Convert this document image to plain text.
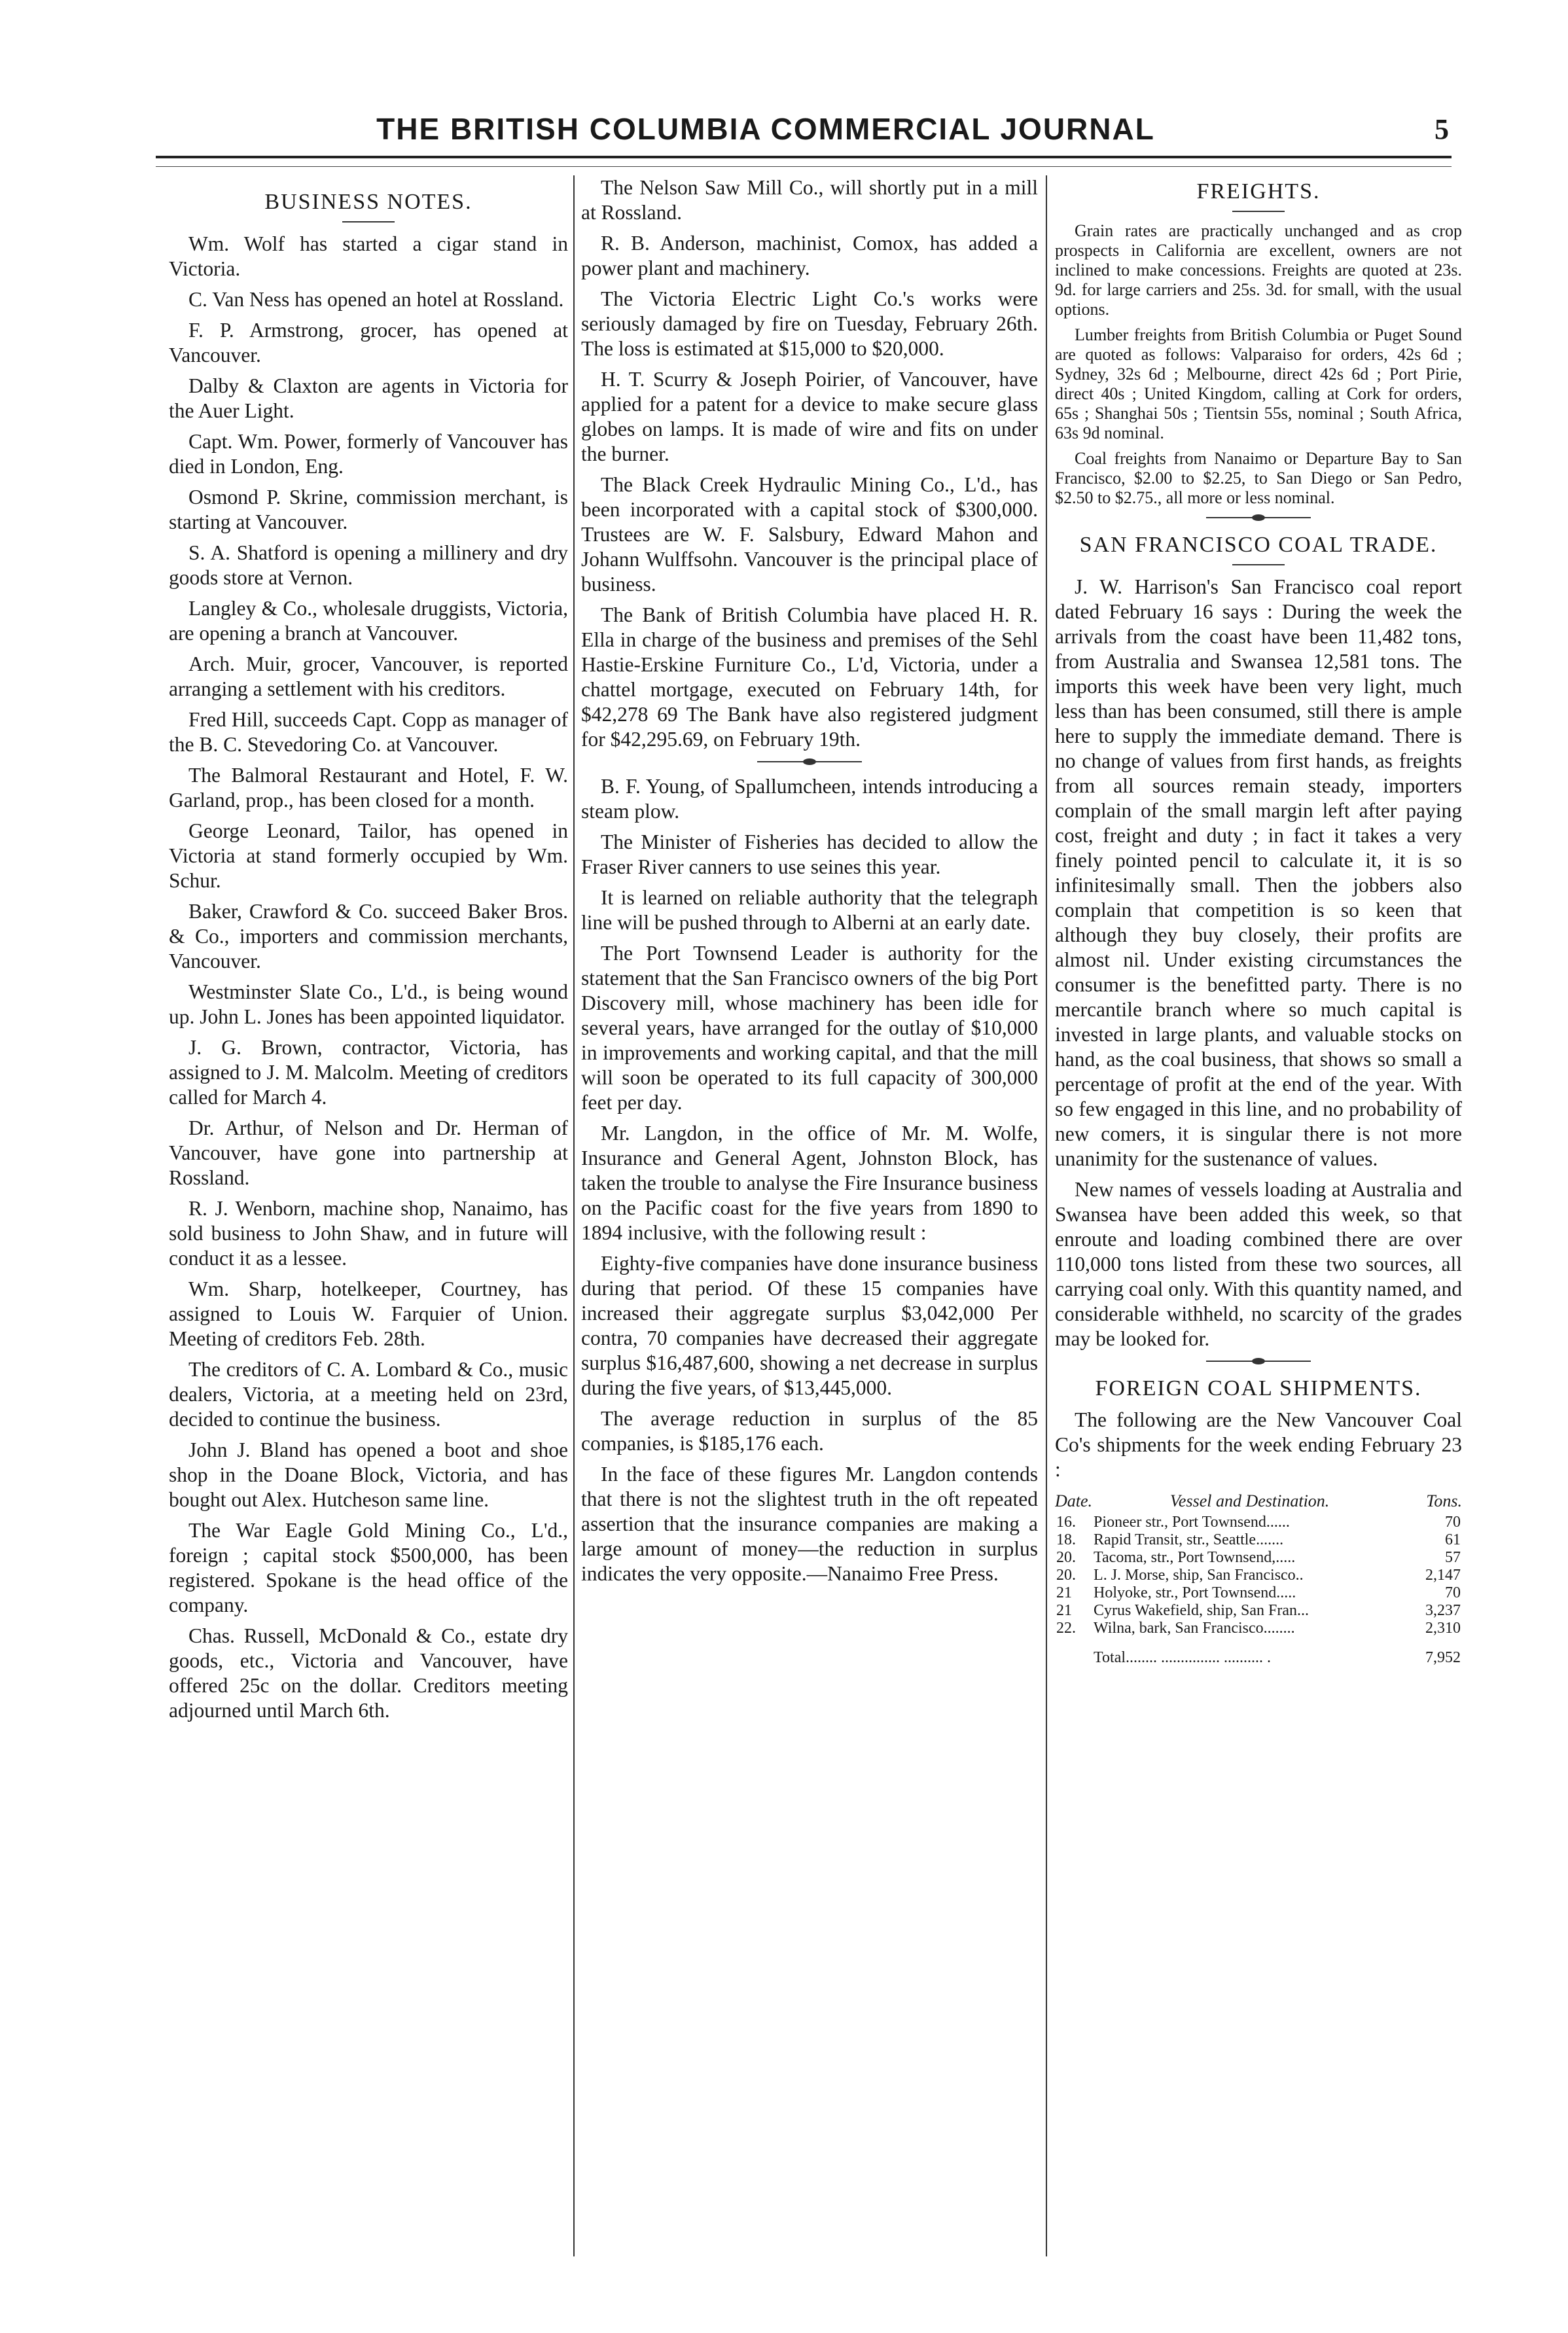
THE BRITISH COLUMBIA COMMERCIAL JOURNAL	5
BUSINESS NOTES.

Wm. Wolf has started a cigar stand in Victoria.

C. Van Ness has opened an hotel at Rossland.

F. P. Armstrong, grocer, has opened at Vancouver.

Dalby & Claxton are agents in Victoria for the Auer Light.

Capt. Wm. Power, formerly of Vancouver has died in London, Eng.

Osmond P. Skrine, commission merchant, is starting at Vancouver.

S. A. Shatford is opening a millinery and dry goods store at Vernon.

Langley & Co., wholesale druggists, Victoria, are opening a branch at Vancouver.

Arch. Muir, grocer, Vancouver, is reported arranging a settlement with his creditors.

Fred Hill, succeeds Capt. Copp as manager of the B. C. Stevedoring Co. at Vancouver.

The Balmoral Restaurant and Hotel, F. W. Garland, prop., has been closed for a month.

George Leonard, Tailor, has opened in Victoria at stand formerly occupied by Wm. Schur.

Baker, Crawford & Co. succeed Baker Bros. & Co., importers and commission merchants, Vancouver.

Westminster Slate Co., L'd., is being wound up. John L. Jones has been appointed liquidator.

J. G. Brown, contractor, Victoria, has assigned to J. M. Malcolm. Meeting of creditors called for March 4.

Dr. Arthur, of Nelson and Dr. Herman of Vancouver, have gone into partnership at Rossland.

R. J. Wenborn, machine shop, Nanaimo, has sold business to John Shaw, and in future will conduct it as a lessee.

Wm. Sharp, hotelkeeper, Courtney, has assigned to Louis W. Farquier of Union. Meeting of creditors Feb. 28th.

The creditors of C. A. Lombard & Co., music dealers, Victoria, at a meeting held on 23rd, decided to continue the business.

John J. Bland has opened a boot and shoe shop in the Doane Block, Victoria, and has bought out Alex. Hutcheson same line.

The War Eagle Gold Mining Co., L'd., foreign ; capital stock $500,000, has been registered. Spokane is the head office of the company.

Chas. Russell, McDonald & Co., estate dry goods, etc., Victoria and Vancouver, have offered 25c on the dollar. Creditors meeting adjourned until March 6th.

The Nelson Saw Mill Co., will shortly put in a mill at Rossland.

R. B. Anderson, machinist, Comox, has added a power plant and machinery.

The Victoria Electric Light Co.'s works were seriously damaged by fire on Tuesday, February 26th. The loss is estimated at $15,000 to $20,000.

H. T. Scurry & Joseph Poirier, of Vancouver, have applied for a patent for a device to make secure glass globes on lamps. It is made of wire and fits on under the burner.

The Black Creek Hydraulic Mining Co., L'd., has been incorporated with a capital stock of $300,000. Trustees are W. F. Salsbury, Edward Mahon and Johann Wulffsohn. Vancouver is the principal place of business.

The Bank of British Columbia have placed H. R. Ella in charge of the business and premises of the Sehl Hastie-Erskine Furniture Co., L'd, Victoria, under a chattel mortgage, executed on February 14th, for $42,278 69 The Bank have also registered judgment for $42,295.69, on February 19th.

B. F. Young, of Spallumcheen, intends introducing a steam plow.

The Minister of Fisheries has decided to allow the Fraser River canners to use seines this year.

It is learned on reliable authority that the telegraph line will be pushed through to Alberni at an early date.

The Port Townsend Leader is authority for the statement that the San Francisco owners of the big Port Discovery mill, whose machinery has been idle for several years, have arranged for the outlay of $10,000 in improvements and working capital, and that the mill will soon be operated to its full capacity of 300,000 feet per day.

Mr. Langdon, in the office of Mr. M. Wolfe, Insurance and General Agent, Johnston Block, has taken the trouble to analyse the Fire Insurance business on the Pacific coast for the five years from 1890 to 1894 inclusive, with the following result :

Eighty-five companies have done insurance business during that period. Of these 15 companies have increased their aggregate surplus $3,042,000 Per contra, 70 companies have decreased their aggregate surplus $16,487,600, showing a net decrease in surplus during the five years, of $13,445,000.

The average reduction in surplus of the 85 companies, is $185,176 each.

In the face of these figures Mr. Langdon contends that there is not the slightest truth in the oft repeated assertion that the insurance companies are making a large amount of money—the reduction in surplus indicates the very opposite.—Nanaimo Free Press.

FREIGHTS.

Grain rates are practically unchanged and as crop prospects in California are excellent, owners are not inclined to make concessions. Freights are quoted at 23s. 9d. for large carriers and 25s. 3d. for small, with the usual options.

Lumber freights from British Columbia or Puget Sound are quoted as follows: Valparaiso for orders, 42s 6d ; Sydney, 32s 6d ; Melbourne, direct 42s 6d ; Port Pirie, direct 40s ; United Kingdom, calling at Cork for orders, 65s ; Shanghai 50s ; Tientsin 55s, nominal ; South Africa, 63s 9d nominal.

Coal freights from Nanaimo or Departure Bay to San Francisco, $2.00 to $2.25, to San Diego or San Pedro, $2.50 to $2.75., all more or less nominal.

SAN FRANCISCO COAL TRADE.

J. W. Harrison's San Francisco coal report dated February 16 says : During the week the arrivals from the coast have been 11,482 tons, from Australia and Swansea 12,581 tons. The imports this week have been very light, much less than has been consumed, still there is ample here to supply the immediate demand. There is no change of values from first hands, as freights from all sources remain steady, importers complain of the small margin left after paying cost, freight and duty ; in fact it takes a very finely pointed pencil to calculate it, it is so infinitesimally small. Then the jobbers also complain that competition is so keen that although they buy closely, their profits are almost nil. Under existing circumstances the consumer is the benefitted party. There is no mercantile branch where so much capital is invested in large plants, and valuable stocks on hand, as the coal business, that shows so small a percentage of profit at the end of the year. With so few engaged in this line, and no probability of new comers, it is singular there is not more unanimity for the sustenance of values.

New names of vessels loading at Australia and Swansea have been added this week, so that enroute and loading combined there are over 110,000 tons listed from these two sources, all carrying coal only. With this quantity named, and considerable withheld, no scarcity of the grades may be looked for.

FOREIGN COAL SHIPMENTS.

The following are the New Vancouver Coal Co's shipments for the week ending February 23 :

Date.	Vessel and Destination.	Tons.
16.	Pioneer str., Port Townsend......	70
18.	Rapid Transit, str., Seattle.......	61
20.	Tacoma, str., Port Townsend,.....	57
20.	L. J. Morse, ship, San Francisco..	2,147
21	Holyoke, str., Port Townsend.....	70
21	Cyrus Wakefield, ship, San Fran...	3,237
22.	Wilna, bark, San Francisco........	2,310
	Total........ ............... .......... .	7,952
